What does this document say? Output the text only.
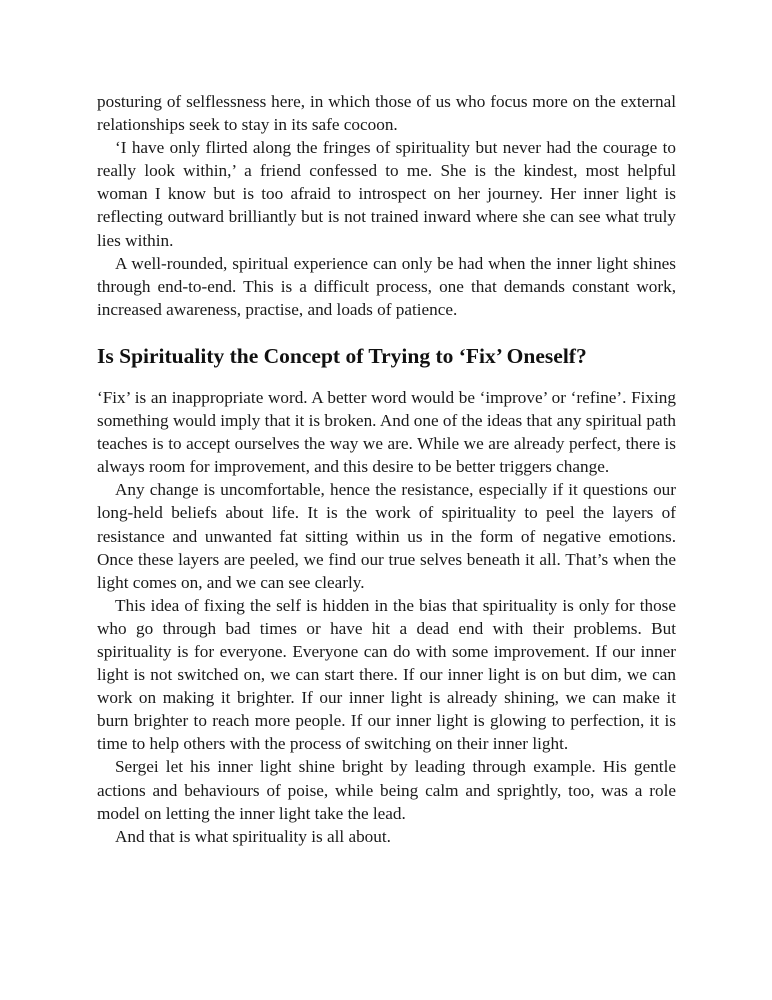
posturing of selflessness here, in which those of us who focus more on the external relationships seek to stay in its safe cocoon.

‘I have only flirted along the fringes of spirituality but never had the courage to really look within,’ a friend confessed to me. She is the kindest, most helpful woman I know but is too afraid to introspect on her journey. Her inner light is reflecting outward brilliantly but is not trained inward where she can see what truly lies within.

A well-rounded, spiritual experience can only be had when the inner light shines through end-to-end. This is a difficult process, one that demands constant work, increased awareness, practise, and loads of patience.

Is Spirituality the Concept of Trying to ‘Fix’ Oneself?

‘Fix’ is an inappropriate word. A better word would be ‘improve’ or ‘refine’. Fixing something would imply that it is broken. And one of the ideas that any spiritual path teaches is to accept ourselves the way we are. While we are already perfect, there is always room for improvement, and this desire to be better triggers change.

Any change is uncomfortable, hence the resistance, especially if it questions our long-held beliefs about life. It is the work of spirituality to peel the layers of resistance and unwanted fat sitting within us in the form of negative emotions. Once these layers are peeled, we find our true selves beneath it all. That’s when the light comes on, and we can see clearly.

This idea of fixing the self is hidden in the bias that spirituality is only for those who go through bad times or have hit a dead end with their problems. But spirituality is for everyone. Everyone can do with some improvement. If our inner light is not switched on, we can start there. If our inner light is on but dim, we can work on making it brighter. If our inner light is already shining, we can make it burn brighter to reach more people. If our inner light is glowing to perfection, it is time to help others with the process of switching on their inner light.

Sergei let his inner light shine bright by leading through example. His gentle actions and behaviours of poise, while being calm and sprightly, too, was a role model on letting the inner light take the lead.

And that is what spirituality is all about.
